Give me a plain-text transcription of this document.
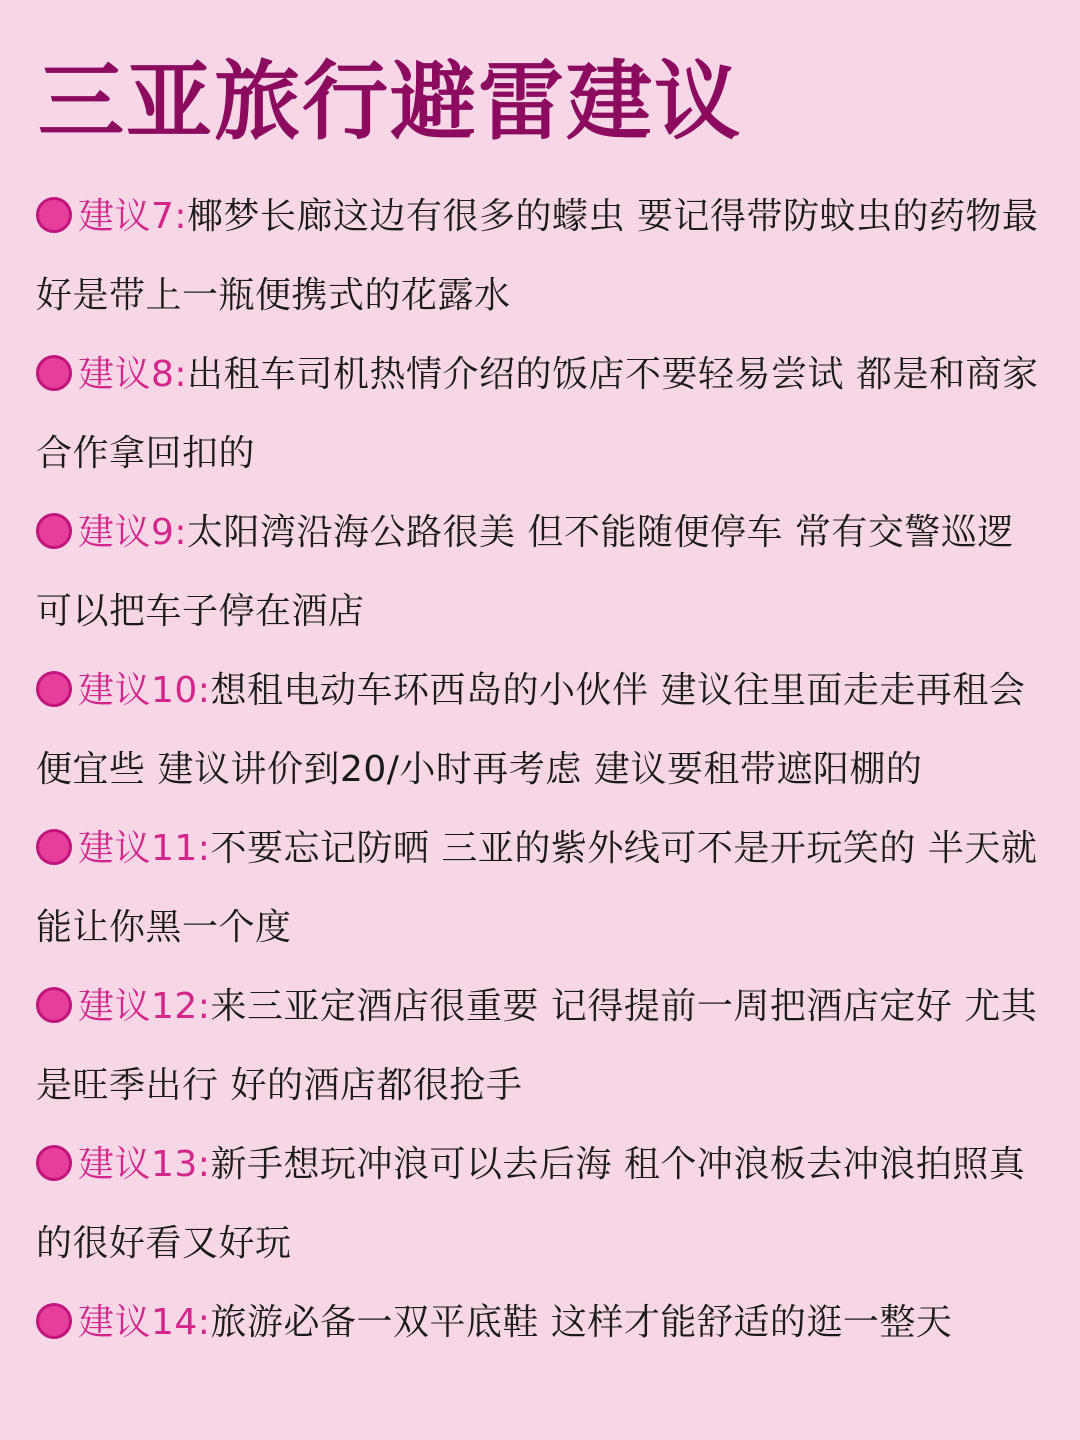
三亚旅行避雷建议

建议7:椰梦长廊这边有很多的蠓虫 要记得带防蚊虫的药物最好是带上一瓶便携式的花露水

建议8:出租车司机热情介绍的饭店不要轻易尝试 都是和商家合作拿回扣的

建议9:太阳湾沿海公路很美 但不能随便停车 常有交警巡逻 可以把车子停在酒店

建议10:想租电动车环西岛的小伙伴 建议往里面走走再租会便宜些 建议讲价到20/小时再考虑 建议要租带遮阳棚的

建议11:不要忘记防晒 三亚的紫外线可不是开玩笑的 半天就能让你黑一个度

建议12:来三亚定酒店很重要 记得提前一周把酒店定好 尤其是旺季出行 好的酒店都很抢手

建议13:新手想玩冲浪可以去后海 租个冲浪板去冲浪拍照真的很好看又好玩

建议14:旅游必备一双平底鞋 这样才能舒适的逛一整天
